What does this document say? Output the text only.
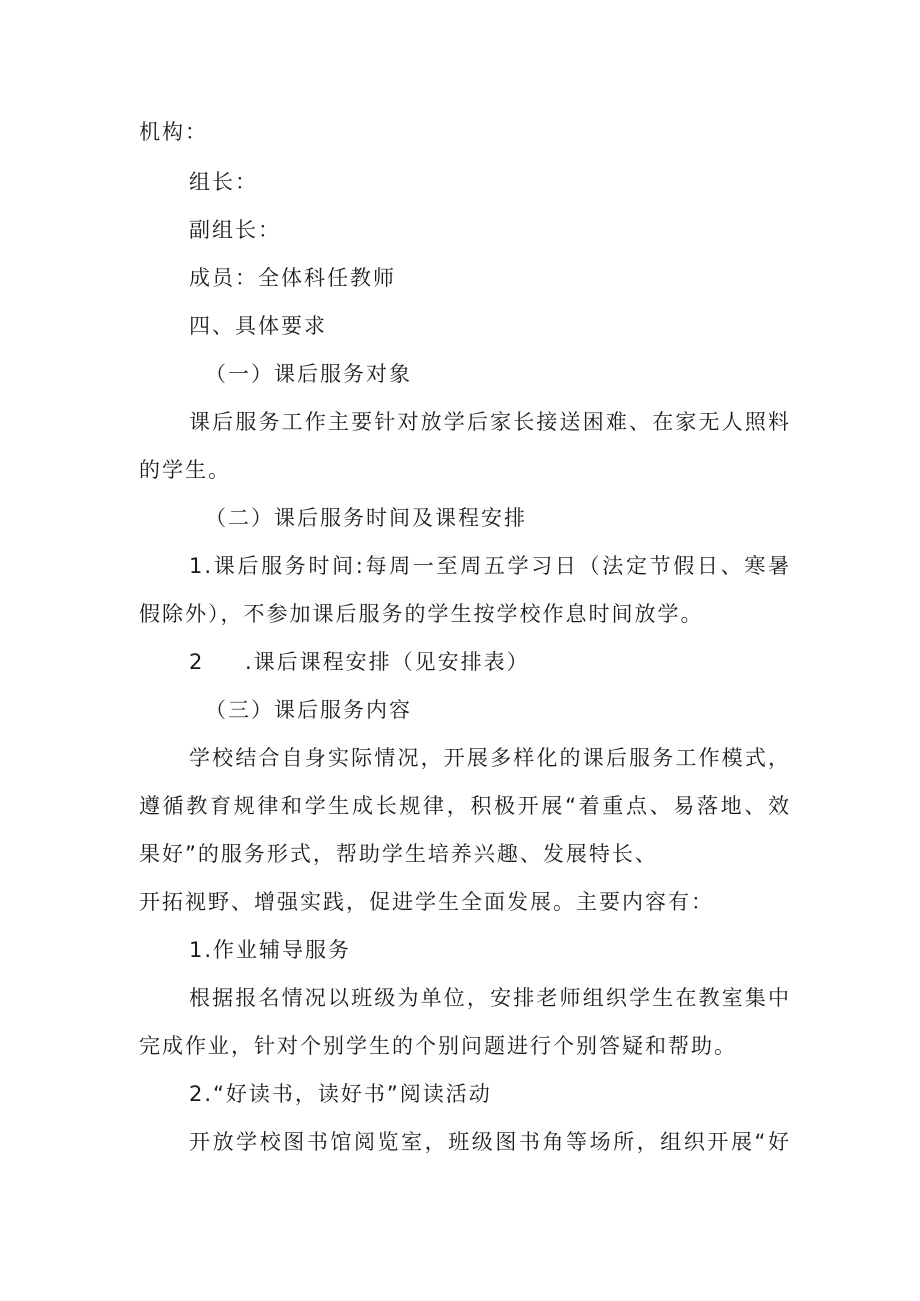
机构：
组长：
副组长：
成员：全体科任教师
四、具体要求
（一）课后服务对象
课后服务工作主要针对放学后家长接送困难、在家无人照料
的学生。
（二）课后服务时间及课程安排
1.课后服务时间:每周一至周五学习日（法定节假日、寒暑
假除外），不参加课后服务的学生按学校作息时间放学。
2 .课后课程安排（见安排表）
（三）课后服务内容
学校结合自身实际情况，开展多样化的课后服务工作模式，
遵循教育规律和学生成长规律，积极开展“着重点、易落地、效
果好”的服务形式，帮助学生培养兴趣、发展特长、
开拓视野、增强实践，促进学生全面发展。主要内容有：
1.作业辅导服务
根据报名情况以班级为单位，安排老师组织学生在教室集中
完成作业，针对个别学生的个别问题进行个别答疑和帮助。
2.“好读书，读好书”阅读活动
开放学校图书馆阅览室，班级图书角等场所，组织开展“好
